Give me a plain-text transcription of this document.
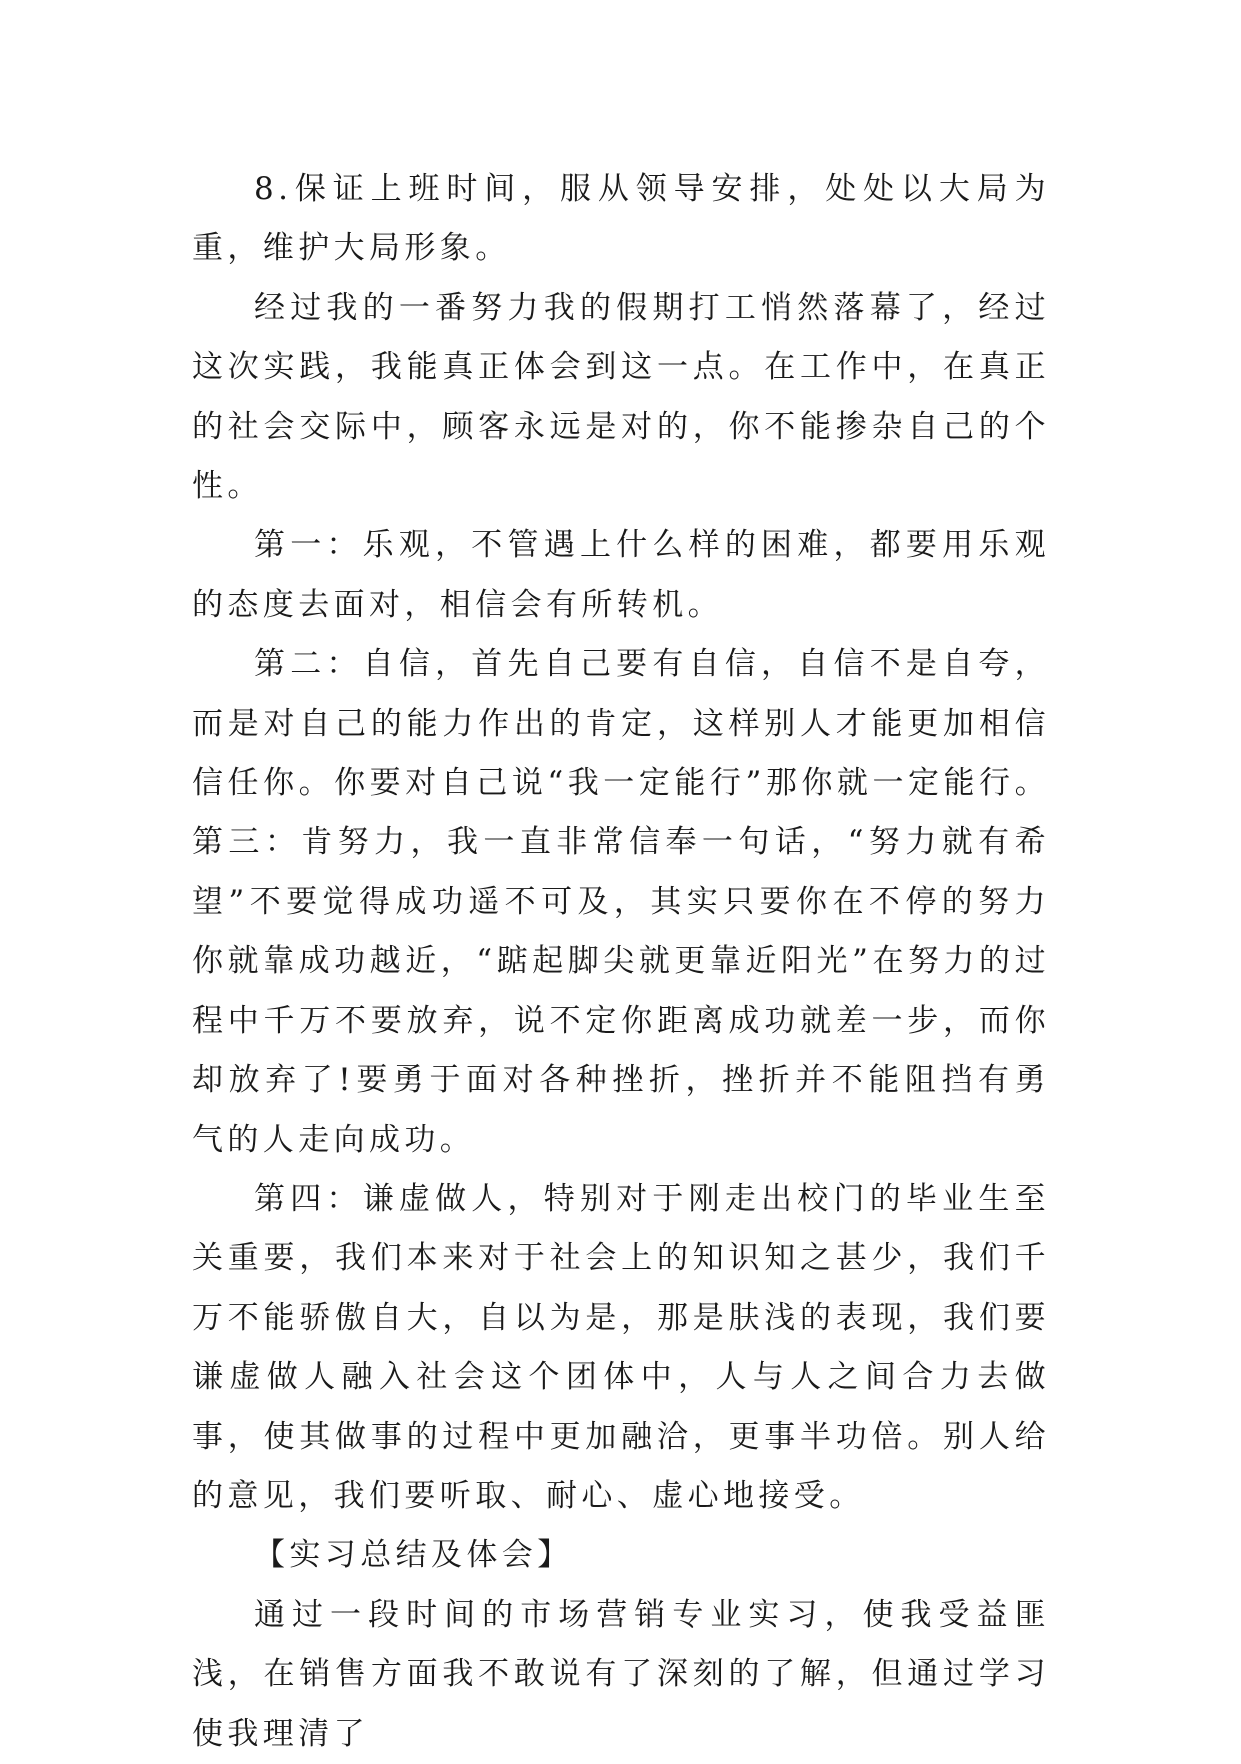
8.保证上班时间，服从领导安排，处处以大局为重，维护大局形象。

经过我的一番努力我的假期打工悄然落幕了，经过这次实践，我能真正体会到这一点。在工作中，在真正的社会交际中，顾客永远是对的，你不能掺杂自己的个性。

第一：乐观，不管遇上什么样的困难，都要用乐观的态度去面对，相信会有所转机。

第二：自信，首先自己要有自信，自信不是自夸，而是对自己的能力作出的肯定，这样别人才能更加相信信任你。你要对自己说“我一定能行”那你就一定能行。第三：肯努力，我一直非常信奉一句话，“努力就有希望”不要觉得成功遥不可及，其实只要你在不停的努力你就靠成功越近，“踮起脚尖就更靠近阳光”在努力的过程中千万不要放弃，说不定你距离成功就差一步，而你却放弃了!要勇于面对各种挫折，挫折并不能阻挡有勇气的人走向成功。

第四：谦虚做人，特别对于刚走出校门的毕业生至关重要，我们本来对于社会上的知识知之甚少，我们千万不能骄傲自大，自以为是，那是肤浅的表现，我们要谦虚做人融入社会这个团体中，人与人之间合力去做事，使其做事的过程中更加融洽，更事半功倍。别人给的意见，我们要听取、耐心、虚心地接受。

【实习总结及体会】

通过一段时间的市场营销专业实习，使我受益匪浅，在销售方面我不敢说有了深刻的了解，但通过学习使我理清了
